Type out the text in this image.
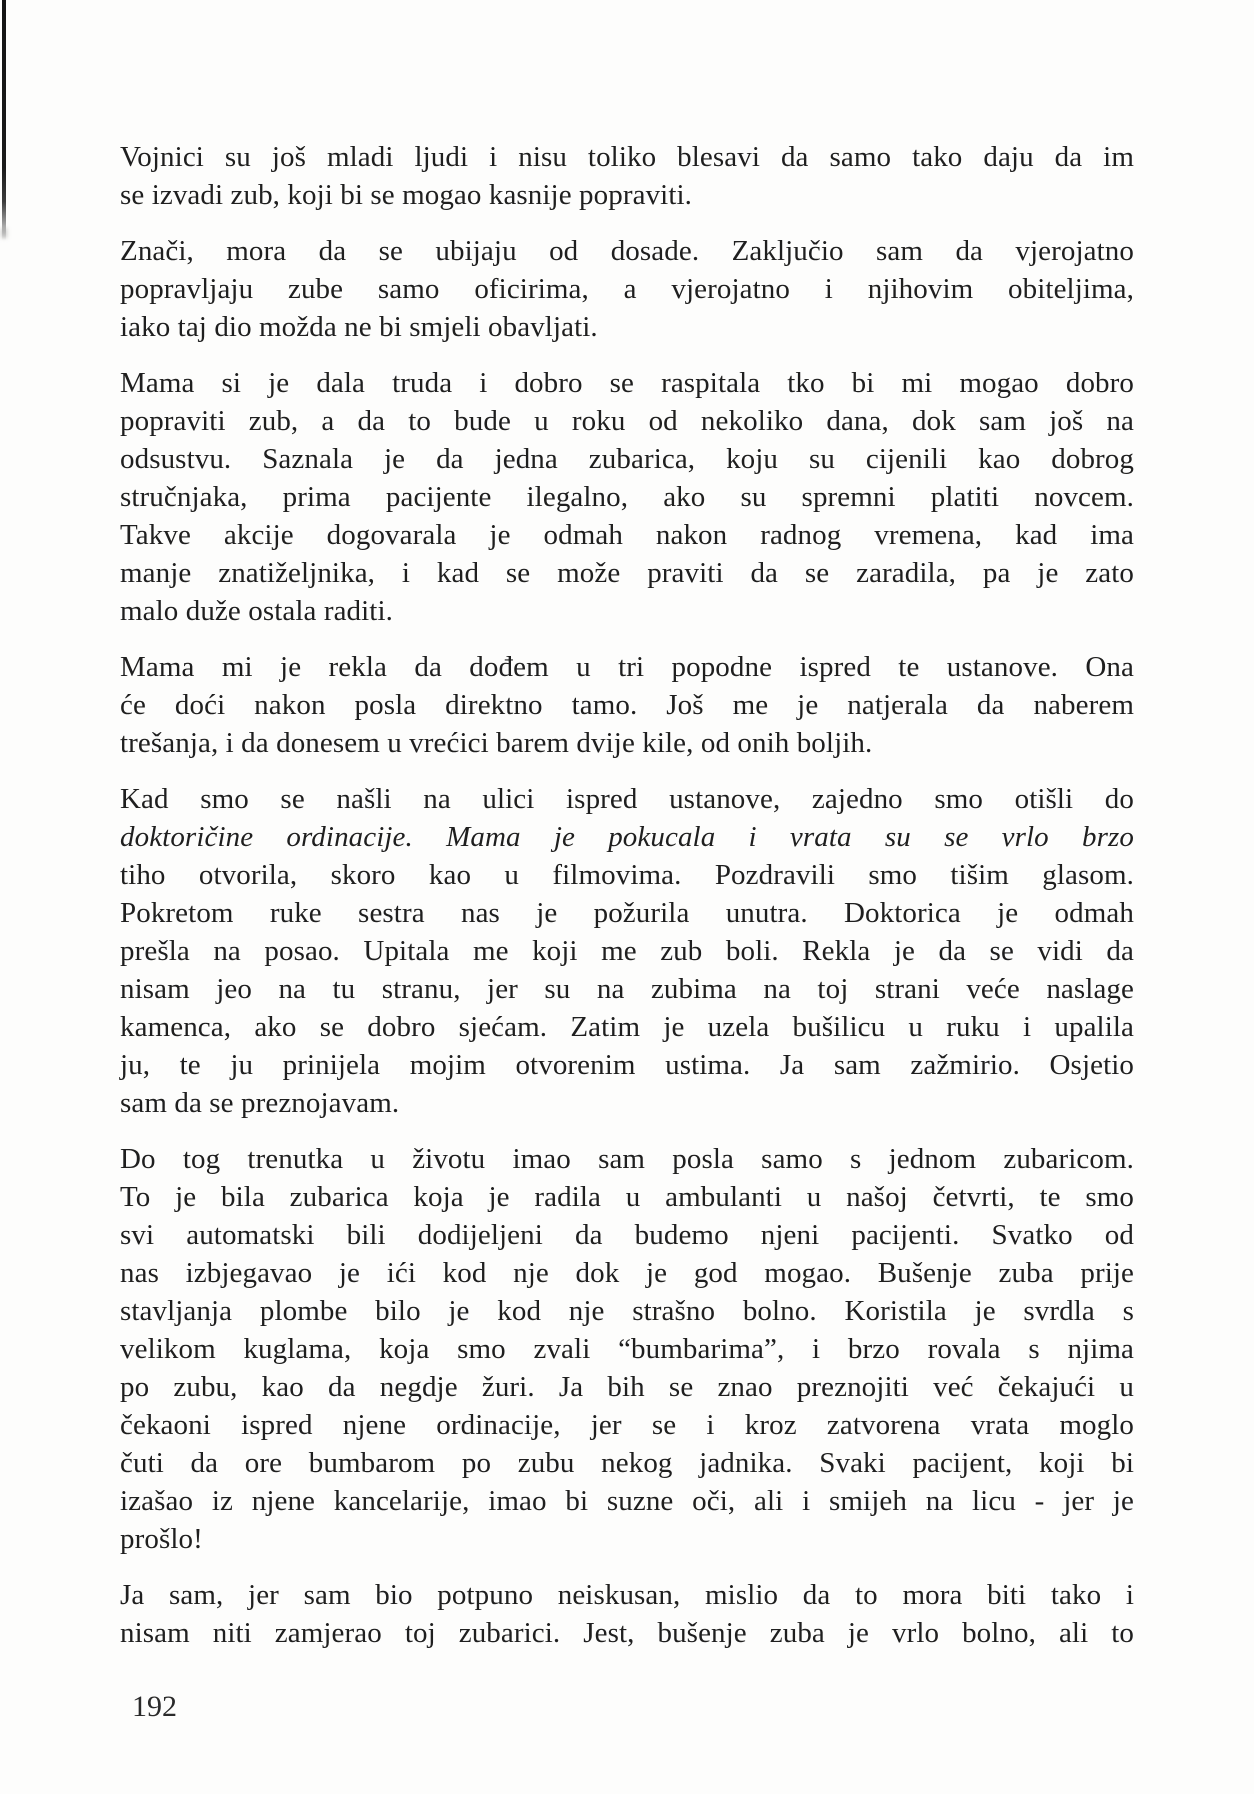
Vojnici su još mladi ljudi i nisu toliko blesavi da samo tako daju da im
se izvadi zub, koji bi se mogao kasnije popraviti.
Znači, mora da se ubijaju od dosade. Zaključio sam da vjerojatno
popravljaju zube samo oficirima, a vjerojatno i njihovim obiteljima,
iako taj dio možda ne bi smjeli obavljati.
Mama si je dala truda i dobro se raspitala tko bi mi mogao dobro
popraviti zub, a da to bude u roku od nekoliko dana, dok sam još na
odsustvu. Saznala je da jedna zubarica, koju su cijenili kao dobrog
stručnjaka, prima pacijente ilegalno, ako su spremni platiti novcem.
Takve akcije dogovarala je odmah nakon radnog vremena, kad ima
manje znatiželjnika, i kad se može praviti da se zaradila, pa je zato
malo duže ostala raditi.
Mama mi je rekla da dođem u tri popodne ispred te ustanove. Ona
će doći nakon posla direktno tamo. Još me je natjerala da naberem
trešanja, i da donesem u vrećici barem dvije kile, od onih boljih.
Kad smo se našli na ulici ispred ustanove, zajedno smo otišli do
doktoričine ordinacije. Mama je pokucala i vrata su se vrlo brzo
tiho otvorila, skoro kao u filmovima. Pozdravili smo tišim glasom.
Pokretom ruke sestra nas je požurila unutra. Doktorica je odmah
prešla na posao. Upitala me koji me zub boli. Rekla je da se vidi da
nisam jeo na tu stranu, jer su na zubima na toj strani veće naslage
kamenca, ako se dobro sjećam. Zatim je uzela bušilicu u ruku i upalila
ju, te ju prinijela mojim otvorenim ustima. Ja sam zažmirio. Osjetio
sam da se preznojavam.
Do tog trenutka u životu imao sam posla samo s jednom zubaricom.
To je bila zubarica koja je radila u ambulanti u našoj četvrti, te smo
svi automatski bili dodijeljeni da budemo njeni pacijenti. Svatko od
nas izbjegavao je ići kod nje dok je god mogao. Bušenje zuba prije
stavljanja plombe bilo je kod nje strašno bolno. Koristila je svrdla s
velikom kuglama, koja smo zvali “bumbarima”, i brzo rovala s njima
po zubu, kao da negdje žuri. Ja bih se znao preznojiti već čekajući u
čekaoni ispred njene ordinacije, jer se i kroz zatvorena vrata moglo
čuti da ore bumbarom po zubu nekog jadnika. Svaki pacijent, koji bi
izašao iz njene kancelarije, imao bi suzne oči, ali i smijeh na licu - jer je
prošlo!
Ja sam, jer sam bio potpuno neiskusan, mislio da to mora biti tako i
nisam niti zamjerao toj zubarici. Jest, bušenje zuba je vrlo bolno, ali to
192
